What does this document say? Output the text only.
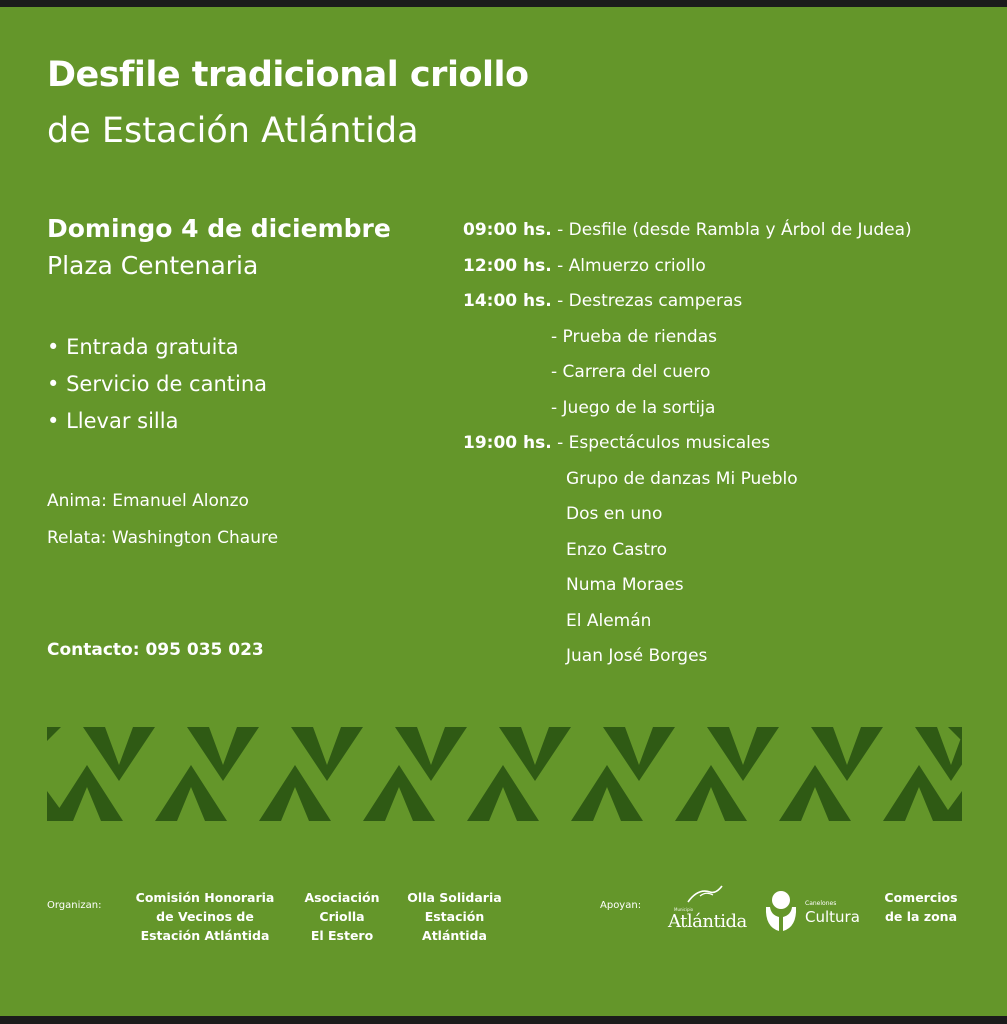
Desfile tradicional criollo
de Estación Atlántida
Domingo 4 de diciembre
Plaza Centenaria
• Entrada gratuita
• Servicio de cantina
• Llevar silla
Anima: Emanuel Alonzo
Relata: Washington Chaure
Contacto: 095 035 023
09:00 hs. - Desfile (desde Rambla y Árbol de Judea)
12:00 hs. - Almuerzo criollo
14:00 hs. - Destrezas camperas
- Prueba de riendas
- Carrera del cuero
- Juego de la sortija
19:00 hs. - Espectáculos musicales
Grupo de danzas Mi Pueblo
Dos en uno
Enzo Castro
Numa Moraes
El Alemán
Juan José Borges
Organizan:
Comisión Honoraria
de Vecinos de
Estación Atlántida
Asociación
Criolla
El Estero
Olla Solidaria
Estación
Atlántida
Apoyan:	Municipio
Atlántida
Canelones
Cultura
Comercios
de la zona
